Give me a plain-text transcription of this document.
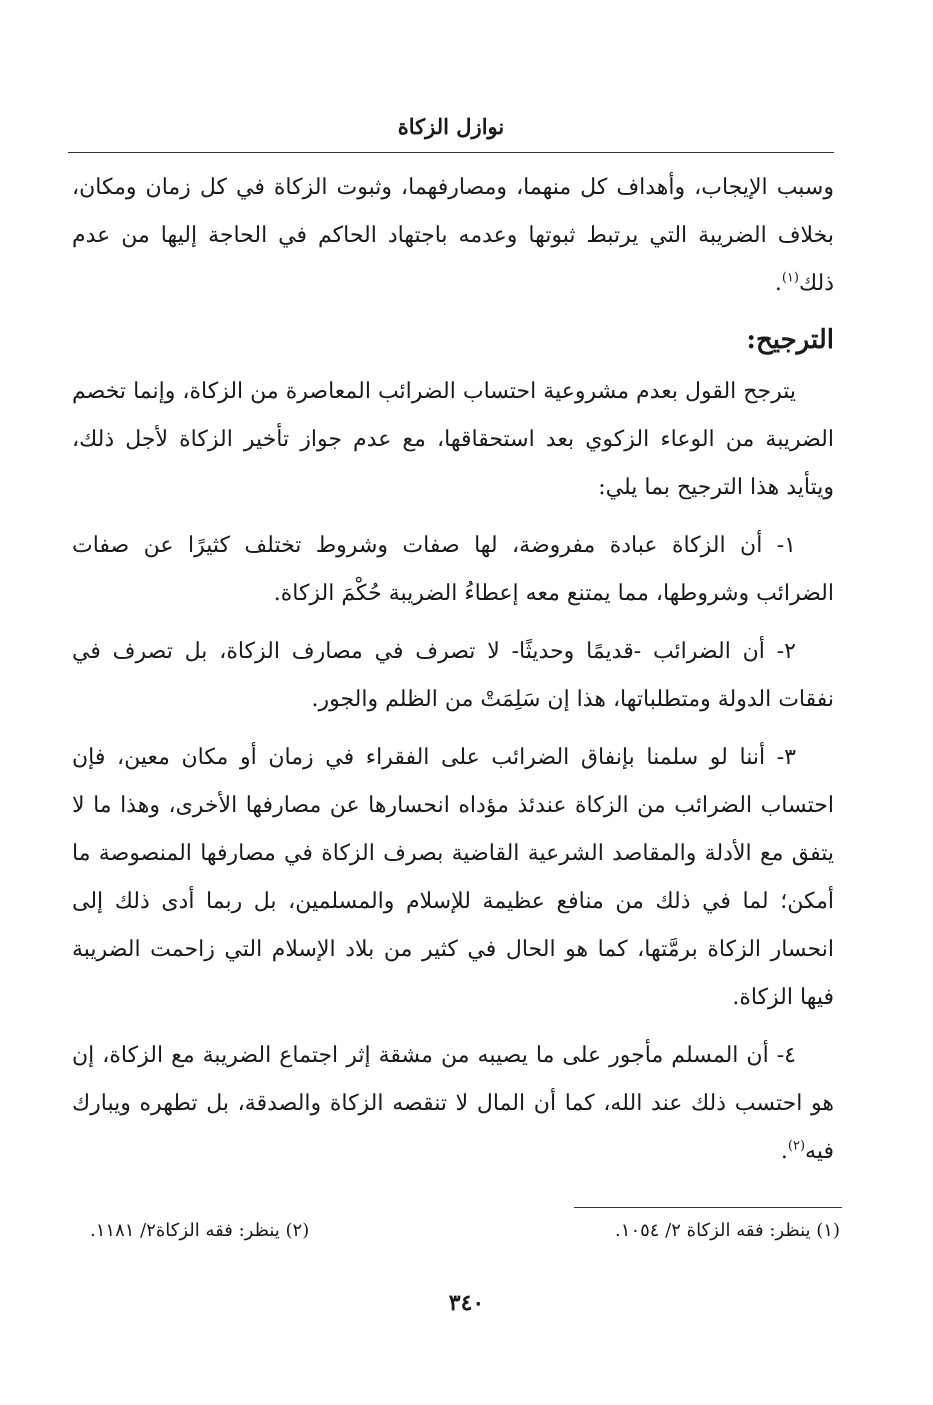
نوازل الزكاة

وسبب الإيجاب، وأهداف كل منهما، ومصارفهما، وثبوت الزكاة في كل زمان ومكان، بخلاف الضريبة التي يرتبط ثبوتها وعدمه باجتهاد الحاكم في الحاجة إليها من عدم ذلك$^{(١)}$.

الترجيح:

يترجح القول بعدم مشروعية احتساب الضرائب المعاصرة من الزكاة، وإنما تخصم الضريبة من الوعاء الزكوي بعد استحقاقها، مع عدم جواز تأخير الزكاة لأجل ذلك، ويتأيد هذا الترجيح بما يلي:

١- أن الزكاة عبادة مفروضة، لها صفات وشروط تختلف كثيرًا عن صفات الضرائب وشروطها، مما يمتنع معه إعطاءُ الضريبة حُكْمَ الزكاة.

٢- أن الضرائب -قديمًا وحديثًا- لا تصرف في مصارف الزكاة، بل تصرف في نفقات الدولة ومتطلباتها، هذا إن سَلِمَتْ من الظلم والجور.

٣- أننا لو سلمنا بإنفاق الضرائب على الفقراء في زمان أو مكان معين، فإن احتساب الضرائب من الزكاة عندئذ مؤداه انحسارها عن مصارفها الأخرى، وهذا ما لا يتفق مع الأدلة والمقاصد الشرعية القاضية بصرف الزكاة في مصارفها المنصوصة ما أمكن؛ لما في ذلك من منافع عظيمة للإسلام والمسلمين، بل ربما أدى ذلك إلى انحسار الزكاة برمَّتها، كما هو الحال في كثير من بلاد الإسلام التي زاحمت الضريبة فيها الزكاة.

٤- أن المسلم مأجور على ما يصيبه من مشقة إثر اجتماع الضريبة مع الزكاة، إن هو احتسب ذلك عند الله، كما أن المال لا تنقصه الزكاة والصدقة، بل تطهره ويبارك فيه$^{(٢)}$.

(١) ينظر: فقه الزكاة ٢/ ١٠٥٤.
(٢) ينظر: فقه الزكاة٢/ ١١٨١.
٣٤٠
